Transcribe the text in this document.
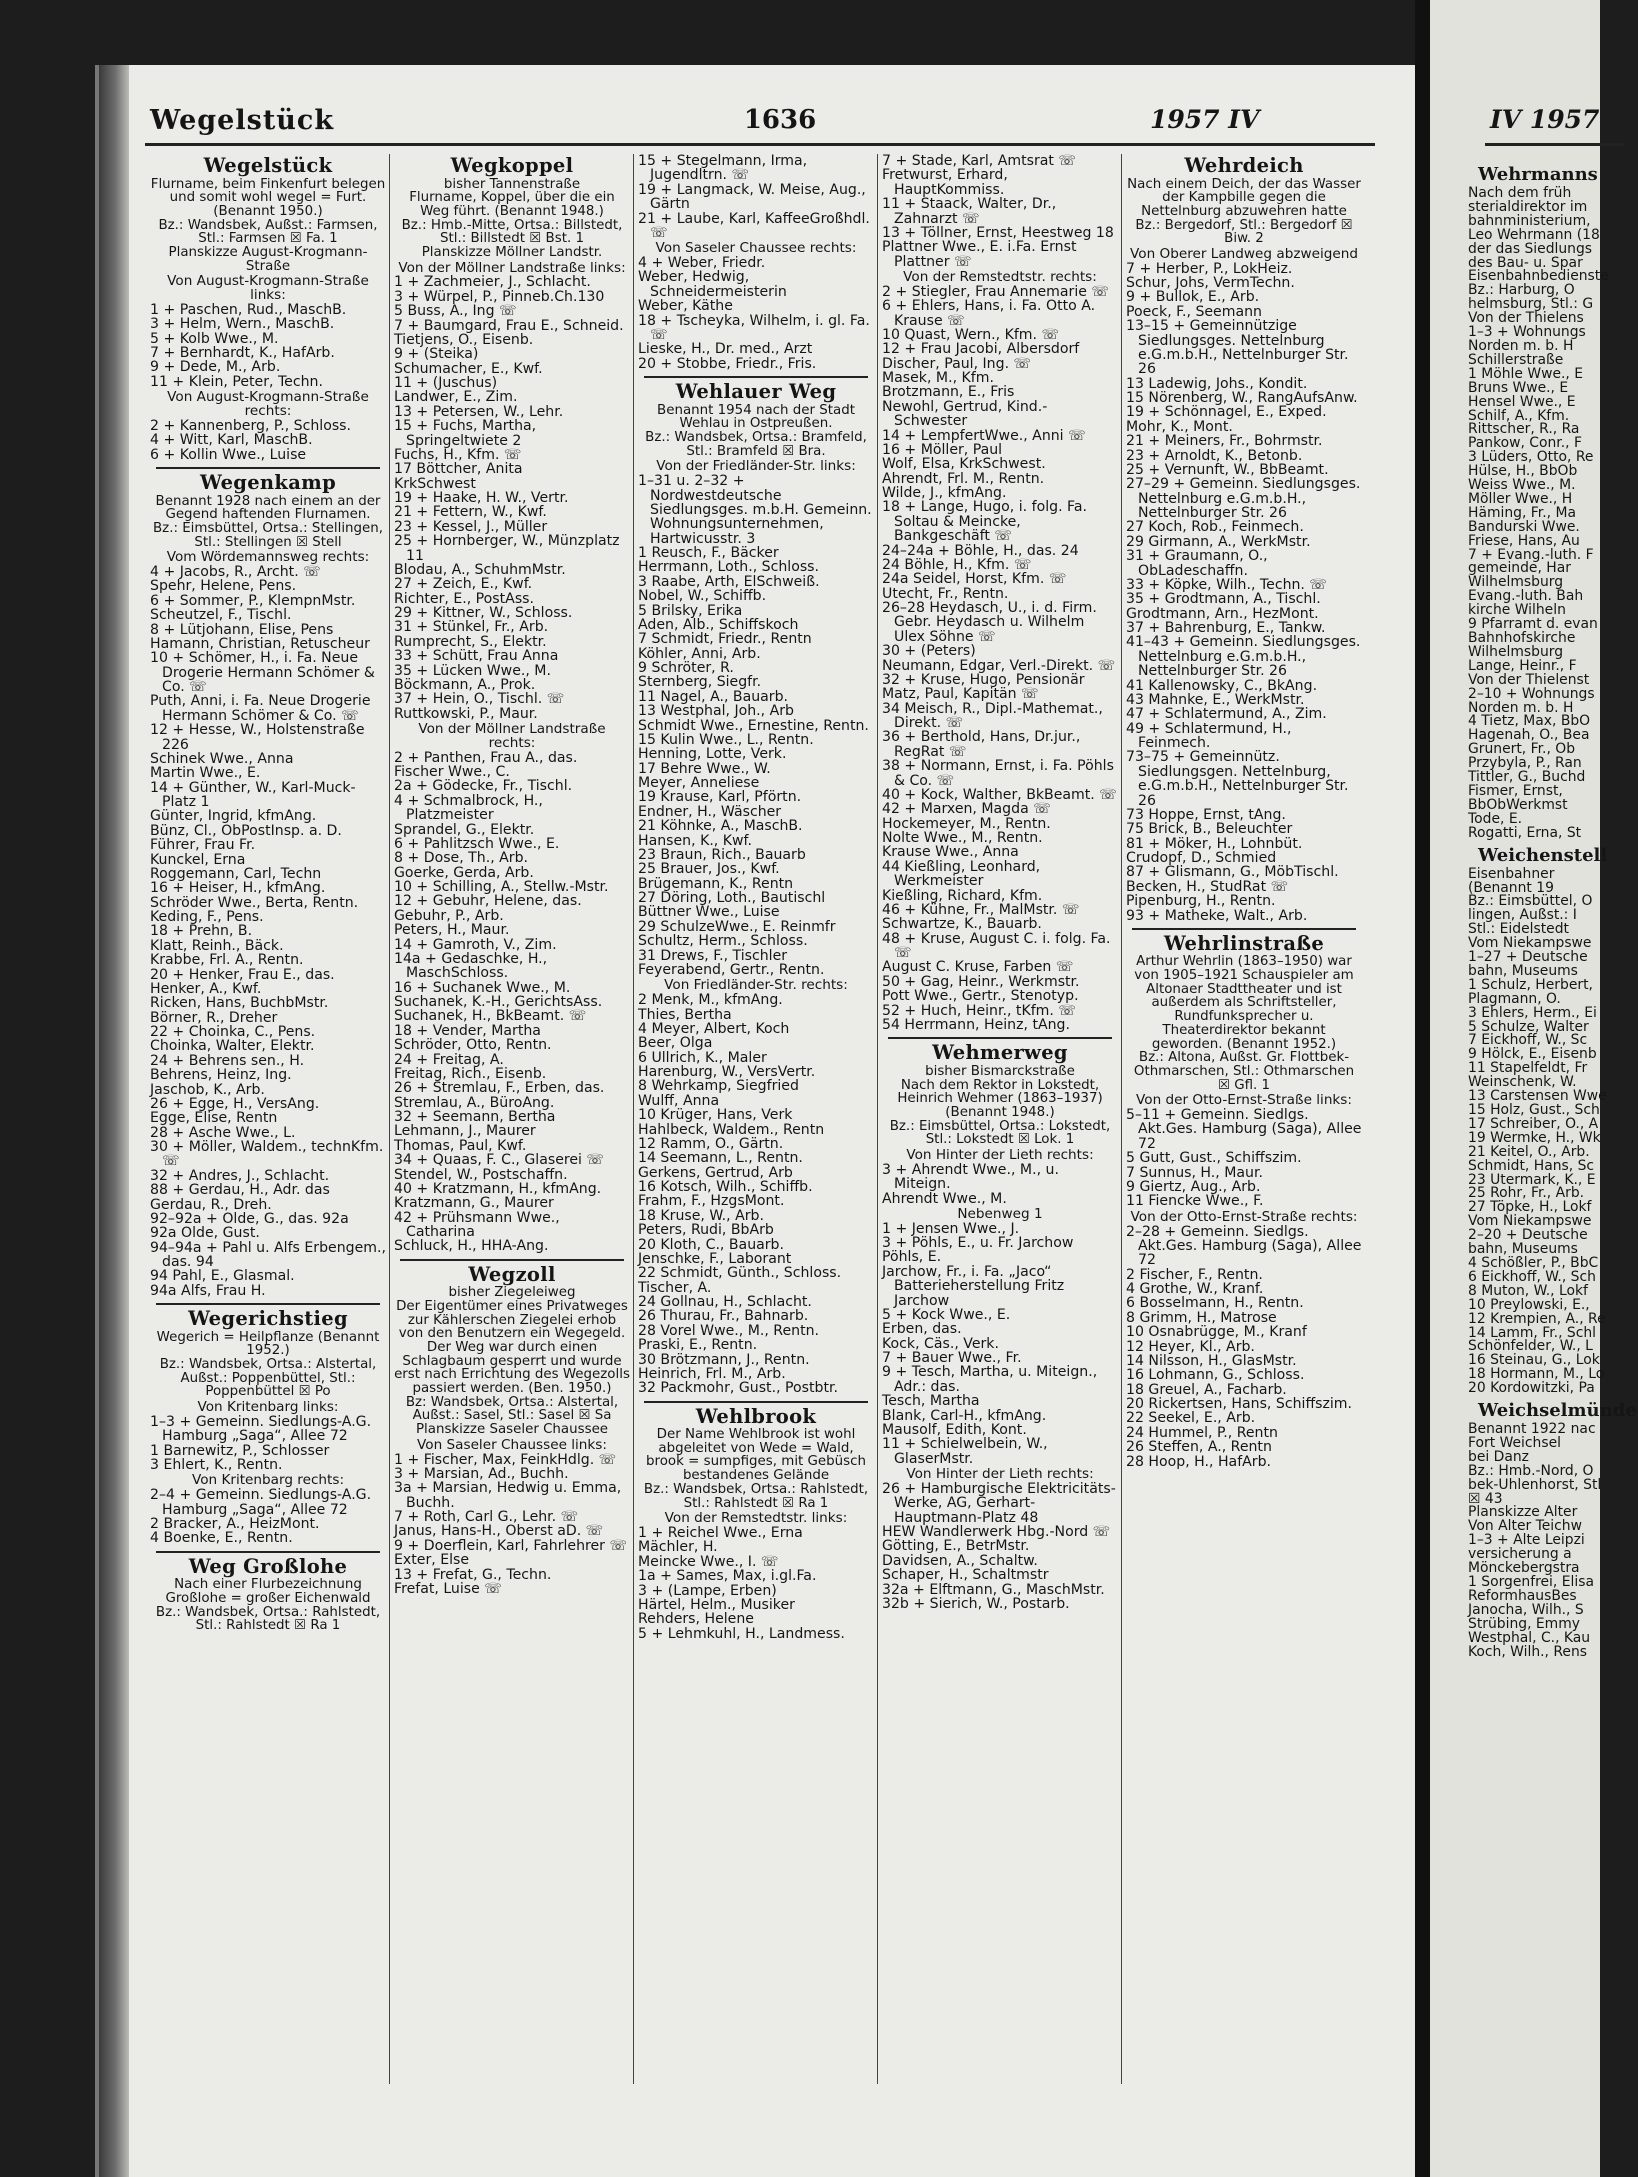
Wegelstück	1636	1957 IV
Wegelstück
Flurname, beim Finkenfurt belegen und somit wohl wegel = Furt. (Benannt 1950.)
Bz.: Wandsbek, Außst.: Farmsen, Stl.: Farmsen ☒ Fa. 1
Planskizze August-Krogmann-Straße
Von August-Krogmann-Straße links:
1 + Paschen, Rud., MaschB.
3 + Helm, Wern., MaschB.
5 + Kolb Wwe., M.
7 + Bernhardt, K., HafArb.
9 + Dede, M., Arb.
11 + Klein, Peter, Techn.
Von August-Krogmann-Straße rechts:
2 + Kannenberg, P., Schloss.
4 + Witt, Karl, MaschB.
6 + Kollin Wwe., Luise
Wegenkamp
Benannt 1928 nach einem an der Gegend haftenden Flurnamen.
Bz.: Eimsbüttel, Ortsa.: Stellingen, Stl.: Stellingen ☒ Stell
Vom Wördemannsweg rechts:
4 + Jacobs, R., Archt. ☏
Spehr, Helene, Pens.
6 + Sommer, P., KlempnMstr.
Scheutzel, F., Tischl.
8 + Lütjohann, Elise, Pens
Hamann, Christian, Retuscheur
10 + Schömer, H., i. Fa. Neue Drogerie Hermann Schömer & Co. ☏
Puth, Anni, i. Fa. Neue Drogerie Hermann Schömer & Co. ☏
12 + Hesse, W., Holstenstraße 226
Schinek Wwe., Anna
Martin Wwe., E.
14 + Günther, W., Karl-Muck-Platz 1
Günter, Ingrid, kfmAng.
Bünz, Cl., ObPostInsp. a. D.
Führer, Frau Fr.
Kunckel, Erna
Roggemann, Carl, Techn
16 + Heiser, H., kfmAng.
Schröder Wwe., Berta, Rentn.
Keding, F., Pens.
18 + Prehn, B.
Klatt, Reinh., Bäck.
Krabbe, Frl. A., Rentn.
20 + Henker, Frau E., das.
Henker, A., Kwf.
Ricken, Hans, BuchbMstr.
Börner, R., Dreher
22 + Choinka, C., Pens.
Choinka, Walter, Elektr.
24 + Behrens sen., H.
Behrens, Heinz, Ing.
Jaschob, K., Arb.
26 + Egge, H., VersAng.
Egge, Elise, Rentn
28 + Asche Wwe., L.
30 + Möller, Waldem., technKfm. ☏
32 + Andres, J., Schlacht.
88 + Gerdau, H., Adr. das
Gerdau, R., Dreh.
92–92a + Olde, G., das. 92a
92a Olde, Gust.
94–94a + Pahl u. Alfs Erbengem., das. 94
94 Pahl, E., Glasmal.
94a Alfs, Frau H.
Wegerichstieg
Wegerich = Heilpflanze (Benannt 1952.)
Bz.: Wandsbek, Ortsa.: Alstertal, Außst.: Poppenbüttel, Stl.: Poppenbüttel ☒ Po
Von Kritenbarg links:
1–3 + Gemeinn. Siedlungs-A.G. Hamburg „Saga“, Allee 72
1 Barnewitz, P., Schlosser
3 Ehlert, K., Rentn.
Von Kritenbarg rechts:
2–4 + Gemeinn. Siedlungs-A.G. Hamburg „Saga“, Allee 72
2 Bracker, A., HeizMont.
4 Boenke, E., Rentn.
Weg Großlohe
Nach einer Flurbezeichnung Großlohe = großer Eichenwald
Bz.: Wandsbek, Ortsa.: Rahlstedt, Stl.: Rahlstedt ☒ Ra 1
Wegkoppel
bisher Tannenstraße
Flurname, Koppel, über die ein Weg führt. (Benannt 1948.)
Bz.: Hmb.-Mitte, Ortsa.: Billstedt, Stl.: Billstedt ☒ Bst. 1
Planskizze Möllner Landstr.
Von der Möllner Landstraße links:
1 + Zachmeier, J., Schlacht.
3 + Würpel, P., Pinneb.Ch.130
5 Buss, A., Ing ☏
7 + Baumgard, Frau E., Schneid.
Tietjens, O., Eisenb.
9 + (Steika)
Schumacher, E., Kwf.
11 + (Juschus)
Landwer, E., Zim.
13 + Petersen, W., Lehr.
15 + Fuchs, Martha, Springeltwiete 2
Fuchs, H., Kfm. ☏
17 Böttcher, Anita
KrkSchwest
19 + Haake, H. W., Vertr.
21 + Fettern, W., Kwf.
23 + Kessel, J., Müller
25 + Hornberger, W., Münzplatz 11
Blodau, A., SchuhmMstr.
27 + Zeich, E., Kwf.
Richter, E., PostAss.
29 + Kittner, W., Schloss.
31 + Stünkel, Fr., Arb.
Rumprecht, S., Elektr.
33 + Schütt, Frau Anna
35 + Lücken Wwe., M.
Böckmann, A., Prok.
37 + Hein, O., Tischl. ☏
Ruttkowski, P., Maur.
Von der Möllner Landstraße rechts:
2 + Panthen, Frau A., das.
Fischer Wwe., C.
2a + Gödecke, Fr., Tischl.
4 + Schmalbrock, H., Platzmeister
Sprandel, G., Elektr.
6 + Pahlitzsch Wwe., E.
8 + Dose, Th., Arb.
Goerke, Gerda, Arb.
10 + Schilling, A., Stellw.-Mstr.
12 + Gebuhr, Helene, das.
Gebuhr, P., Arb.
Peters, H., Maur.
14 + Gamroth, V., Zim.
14a + Gedaschke, H., MaschSchloss.
16 + Suchanek Wwe., M.
Suchanek, K.-H., GerichtsAss.
Suchanek, H., BkBeamt. ☏
18 + Vender, Martha
Schröder, Otto, Rentn.
24 + Freitag, A.
Freitag, Rich., Eisenb.
26 + Stremlau, F., Erben, das.
Stremlau, A., BüroAng.
32 + Seemann, Bertha
Lehmann, J., Maurer
Thomas, Paul, Kwf.
34 + Quaas, F. C., Glaserei ☏
Stendel, W., Postschaffn.
40 + Kratzmann, H., kfmAng.
Kratzmann, G., Maurer
42 + Prühsmann Wwe., Catharina
Schluck, H., HHA-Ang.
Wegzoll
bisher Ziegeleiweg
Der Eigentümer eines Privatweges zur Kählerschen Ziegelei erhob von den Benutzern ein Wegegeld. Der Weg war durch einen Schlagbaum gesperrt und wurde erst nach Errichtung des Wegezolls passiert werden. (Ben. 1950.)
Bz: Wandsbek, Ortsa.: Alstertal, Außst.: Sasel, Stl.: Sasel ☒ Sa
Planskizze Saseler Chaussee
Von Saseler Chaussee links:
1 + Fischer, Max, FeinkHdlg. ☏
3 + Marsian, Ad., Buchh.
3a + Marsian, Hedwig u. Emma, Buchh.
7 + Roth, Carl G., Lehr. ☏
Janus, Hans-H., Oberst aD. ☏
9 + Doerflein, Karl, Fahrlehrer ☏
Exter, Else
13 + Frefat, G., Techn.
Frefat, Luise ☏
15 + Stegelmann, Irma, Jugendltrn. ☏
19 + Langmack, W. Meise, Aug., Gärtn
21 + Laube, Karl, KaffeeGroßhdl. ☏
Von Saseler Chaussee rechts:
4 + Weber, Friedr.
Weber, Hedwig, Schneidermeisterin
Weber, Käthe
18 + Tscheyka, Wilhelm, i. gl. Fa. ☏
Lieske, H., Dr. med., Arzt
20 + Stobbe, Friedr., Fris.
Wehlauer Weg
Benannt 1954 nach der Stadt Wehlau in Ostpreußen.
Bz.: Wandsbek, Ortsa.: Bramfeld, Stl.: Bramfeld ☒ Bra.
Von der Friedländer-Str. links:
1–31 u. 2–32 + Nordwestdeutsche Siedlungsges. m.b.H. Gemeinn. Wohnungsunternehmen, Hartwicusstr. 3
1 Reusch, F., Bäcker
Herrmann, Loth., Schloss.
3 Raabe, Arth, ElSchweiß.
Nobel, W., Schiffb.
5 Brilsky, Erika
Aden, Alb., Schiffskoch
7 Schmidt, Friedr., Rentn
Köhler, Anni, Arb.
9 Schröter, R.
Sternberg, Siegfr.
11 Nagel, A., Bauarb.
13 Westphal, Joh., Arb
Schmidt Wwe., Ernestine, Rentn.
15 Kulin Wwe., L., Rentn.
Henning, Lotte, Verk.
17 Behre Wwe., W.
Meyer, Anneliese
19 Krause, Karl, Pförtn.
Endner, H., Wäscher
21 Köhnke, A., MaschB.
Hansen, K., Kwf.
23 Braun, Rich., Bauarb
25 Brauer, Jos., Kwf.
Brügemann, K., Rentn
27 Döring, Loth., Bautischl
Büttner Wwe., Luise
29 SchulzeWwe., E. Reinmfr
Schultz, Herm., Schloss.
31 Drews, F., Tischler
Feyerabend, Gertr., Rentn.
Von Friedländer-Str. rechts:
2 Menk, M., kfmAng.
Thies, Bertha
4 Meyer, Albert, Koch
Beer, Olga
6 Ullrich, K., Maler
Harenburg, W., VersVertr.
8 Wehrkamp, Siegfried
Wulff, Anna
10 Krüger, Hans, Verk
Hahlbeck, Waldem., Rentn
12 Ramm, O., Gärtn.
14 Seemann, L., Rentn.
Gerkens, Gertrud, Arb
16 Kotsch, Wilh., Schiffb.
Frahm, F., HzgsMont.
18 Kruse, W., Arb.
Peters, Rudi, BbArb
20 Kloth, C., Bauarb.
Jenschke, F., Laborant
22 Schmidt, Günth., Schloss.
Tischer, A.
24 Gollnau, H., Schlacht.
26 Thurau, Fr., Bahnarb.
28 Vorel Wwe., M., Rentn.
Praski, E., Rentn.
30 Brötzmann, J., Rentn.
Heinrich, Frl. M., Arb.
32 Packmohr, Gust., Postbtr.
Wehlbrook
Der Name Wehlbrook ist wohl abgeleitet von Wede = Wald, brook = sumpfiges, mit Gebüsch bestandenes Gelände
Bz.: Wandsbek, Ortsa.: Rahlstedt, Stl.: Rahlstedt ☒ Ra 1
Von der Remstedtstr. links:
1 + Reichel Wwe., Erna
Mächler, H.
Meincke Wwe., I. ☏
1a + Sames, Max, i.gl.Fa.
3 + (Lampe, Erben)
Härtel, Helm., Musiker
Rehders, Helene
5 + Lehmkuhl, H., Landmess.
7 + Stade, Karl, Amtsrat ☏
Fretwurst, Erhard, HauptKommiss.
11 + Staack, Walter, Dr., Zahnarzt ☏
13 + Töllner, Ernst, Heestweg 18
Plattner Wwe., E. i.Fa. Ernst Plattner ☏
Von der Remstedtstr. rechts:
2 + Stiegler, Frau Annemarie ☏
6 + Ehlers, Hans, i. Fa. Otto A. Krause ☏
10 Quast, Wern., Kfm. ☏
12 + Frau Jacobi, Albersdorf
Discher, Paul, Ing. ☏
Masek, M., Kfm.
Brotzmann, E., Fris
Newohl, Gertrud, Kind.-Schwester
14 + LempfertWwe., Anni ☏
16 + Möller, Paul
Wolf, Elsa, KrkSchwest.
Ahrendt, Frl. M., Rentn.
Wilde, J., kfmAng.
18 + Lange, Hugo, i. folg. Fa. Soltau & Meincke, Bankgeschäft ☏
24–24a + Böhle, H., das. 24
24 Böhle, H., Kfm. ☏
24a Seidel, Horst, Kfm. ☏
Utecht, Fr., Rentn.
26–28 Heydasch, U., i. d. Firm. Gebr. Heydasch u. Wilhelm Ulex Söhne ☏
30 + (Peters)
Neumann, Edgar, Verl.-Direkt. ☏
32 + Kruse, Hugo, Pensionär
Matz, Paul, Kapitän ☏
34 Meisch, R., Dipl.-Mathemat., Direkt. ☏
36 + Berthold, Hans, Dr.jur., RegRat ☏
38 + Normann, Ernst, i. Fa. Pöhls & Co. ☏
40 + Kock, Walther, BkBeamt. ☏
42 + Marxen, Magda ☏
Hockemeyer, M., Rentn.
Nolte Wwe., M., Rentn.
Krause Wwe., Anna
44 Kießling, Leonhard, Werkmeister
Kießling, Richard, Kfm.
46 + Kühne, Fr., MalMstr. ☏
Schwartze, K., Bauarb.
48 + Kruse, August C. i. folg. Fa. ☏
August C. Kruse, Farben ☏
50 + Gag, Heinr., Werkmstr.
Pott Wwe., Gertr., Stenotyp.
52 + Huch, Heinr., tKfm. ☏
54 Herrmann, Heinz, tAng.
Wehmerweg
bisher Bismarckstraße
Nach dem Rektor in Lokstedt, Heinrich Wehmer (1863–1937) (Benannt 1948.)
Bz.: Eimsbüttel, Ortsa.: Lokstedt, Stl.: Lokstedt ☒ Lok. 1
Von Hinter der Lieth rechts:
3 + Ahrendt Wwe., M., u. Miteign.
Ahrendt Wwe., M.
Nebenweg 1
1 + Jensen Wwe., J.
3 + Pöhls, E., u. Fr. Jarchow
Pöhls, E.
Jarchow, Fr., i. Fa. „Jaco“ Batterieherstellung Fritz Jarchow
5 + Kock Wwe., E.
Erben, das.
Kock, Cäs., Verk.
7 + Bauer Wwe., Fr.
9 + Tesch, Martha, u. Miteign., Adr.: das.
Tesch, Martha
Blank, Carl-H., kfmAng.
Mausolf, Edith, Kont.
11 + Schielwelbein, W., GlaserMstr.
Von Hinter der Lieth rechts:
26 + Hamburgische Elektricitäts-Werke, AG, Gerhart-Hauptmann-Platz 48
HEW Wandlerwerk Hbg.-Nord ☏
Götting, E., BetrMstr.
Davidsen, A., Schaltw.
Schaper, H., Schaltmstr
32a + Elftmann, G., MaschMstr.
32b + Sierich, W., Postarb.
Wehrdeich
Nach einem Deich, der das Wasser der Kampbille gegen die Nettelnburg abzuwehren hatte
Bz.: Bergedorf, Stl.: Bergedorf ☒ Biw. 2
Von Oberer Landweg abzweigend
7 + Herber, P., LokHeiz.
Schur, Johs, VermTechn.
9 + Bullok, E., Arb.
Poeck, F., Seemann
13–15 + Gemeinnützige Siedlungsges. Nettelnburg e.G.m.b.H., Nettelnburger Str. 26
13 Ladewig, Johs., Kondit.
15 Nörenberg, W., RangAufsAnw.
19 + Schönnagel, E., Exped.
Mohr, K., Mont.
21 + Meiners, Fr., Bohrmstr.
23 + Arnoldt, K., Betonb.
25 + Vernunft, W., BbBeamt.
27–29 + Gemeinn. Siedlungsges. Nettelnburg e.G.m.b.H., Nettelnburger Str. 26
27 Koch, Rob., Feinmech.
29 Girmann, A., WerkMstr.
31 + Graumann, O., ObLadeschaffn.
33 + Köpke, Wilh., Techn. ☏
35 + Grodtmann, A., Tischl.
Grodtmann, Arn., HezMont.
37 + Bahrenburg, E., Tankw.
41–43 + Gemeinn. Siedlungsges. Nettelnburg e.G.m.b.H., Nettelnburger Str. 26
41 Kallenowsky, C., BkAng.
43 Mahnke, E., WerkMstr.
47 + Schlatermund, A., Zim.
49 + Schlatermund, H., Feinmech.
73–75 + Gemeinnütz. Siedlungsgen. Nettelnburg, e.G.m.b.H., Nettelnburger Str. 26
73 Hoppe, Ernst, tAng.
75 Brick, B., Beleuchter
81 + Möker, H., Lohnbüt.
Crudopf, D., Schmied
87 + Glismann, G., MöbTischl.
Becken, H., StudRat ☏
Pipenburg, H., Rentn.
93 + Matheke, Walt., Arb.
Wehrlinstraße
Arthur Wehrlin (1863–1950) war von 1905–1921 Schauspieler am Altonaer Stadttheater und ist außerdem als Schriftsteller, Rundfunksprecher u. Theaterdirektor bekannt geworden. (Benannt 1952.)
Bz.: Altona, Außst. Gr. Flottbek-Othmarschen, Stl.: Othmarschen ☒ Gfl. 1
Von der Otto-Ernst-Straße links:
5–11 + Gemeinn. Siedlgs. Akt.Ges. Hamburg (Saga), Allee 72
5 Gutt, Gust., Schiffszim.
7 Sunnus, H., Maur.
9 Giertz, Aug., Arb.
11 Fiencke Wwe., F.
Von der Otto-Ernst-Straße rechts:
2–28 + Gemeinn. Siedlgs. Akt.Ges. Hamburg (Saga), Allee 72
2 Fischer, F., Rentn.
4 Grothe, W., Kranf.
6 Bosselmann, H., Rentn.
8 Grimm, H., Matrose
10 Osnabrügge, M., Kranf
12 Heyer, Kl., Arb.
14 Nilsson, H., GlasMstr.
16 Lohmann, G., Schloss.
18 Greuel, A., Facharb.
20 Rickertsen, Hans, Schiffszim.
22 Seekel, E., Arb.
24 Hummel, P., Rentn
26 Steffen, A., Rentn
28 Hoop, H., HafArb.
IV 1957
Wehrmanns
Nach dem früh
sterialdirektor im
bahnministerium,
Leo Wehrmann (18
der das Siedlungs
des Bau- u. Spar
Eisenbahnbedienste
Bz.: Harburg, O
helmsburg, Stl.: G
Von der Thielens
1–3 + Wohnungs
Norden m. b. H
Schillerstraße
1 Möhle Wwe., E
Bruns Wwe., E
Hensel Wwe., E
Schilf, A., Kfm.
Rittscher, R., Ra
Pankow, Conr., F
3 Lüders, Otto, Re
Hülse, H., BbOb
Weiss Wwe., M.
Möller Wwe., H
Häming, Fr., Ma
Bandurski Wwe.
Friese, Hans, Au
7 + Evang.-luth. F
gemeinde, Har
Wilhelmsburg
Evang.-luth. Bah
kirche Wilheln
9 Pfarramt d. evan
Bahnhofskirche
Wilhelmsburg
Lange, Heinr., F
Von der Thielenst
2–10 + Wohnungs
Norden m. b. H
4 Tietz, Max, BbO
Hagenah, O., Bea
Grunert, Fr., Ob
Przybyla, P., Ran
Tittler, G., Buchd
Fismer, Ernst,
BbObWerkmst
Tode, E.
Rogatti, Erna, St
Weichenstell
Eisenbahner
(Benannt 19
Bz.: Eimsbüttel, O
lingen, Außst.: I
Stl.: Eidelstedt
Vom Niekampswe
1–27 + Deutsche
bahn, Museums
1 Schulz, Herbert,
Plagmann, O.
3 Ehlers, Herm., Ei
5 Schulze, Walter
7 Eickhoff, W., Sc
9 Hölck, E., Eisenb
11 Stapelfeldt, Fr
Weinschenk, W.
13 Carstensen Wwe
15 Holz, Gust., Sch
17 Schreiber, O., A
19 Wermke, H., Wk
21 Keitel, O., Arb.
Schmidt, Hans, Sc
23 Utermark, K., E
25 Rohr, Fr., Arb.
27 Töpke, H., Lokf
Vom Niekampswe
2–20 + Deutsche
bahn, Museums
4 Schößler, P., BbC
6 Eickhoff, W., Sch
8 Muton, W., Lokf
10 Preylowski, E.,
12 Krempien, A., Re
14 Lamm, Fr., Schl
Schönfelder, W., L
16 Steinau, G., Lok
18 Hormann, M., Lo
20 Kordowitzki, Pa
Weichselmünde
Benannt 1922 nac
Fort Weichsel
bei Danz
Bz.: Hmb.-Nord, O
bek-Uhlenhorst, Stl
☒ 43
Planskizze Alter
Von Alter Teichw
1–3 + Alte Leipzi
versicherung a
Mönckebergstra
1 Sorgenfrei, Elisa
ReformhausBes
Janocha, Wilh., S
Strübing, Emmy
Westphal, C., Kau
Koch, Wilh., Rens
